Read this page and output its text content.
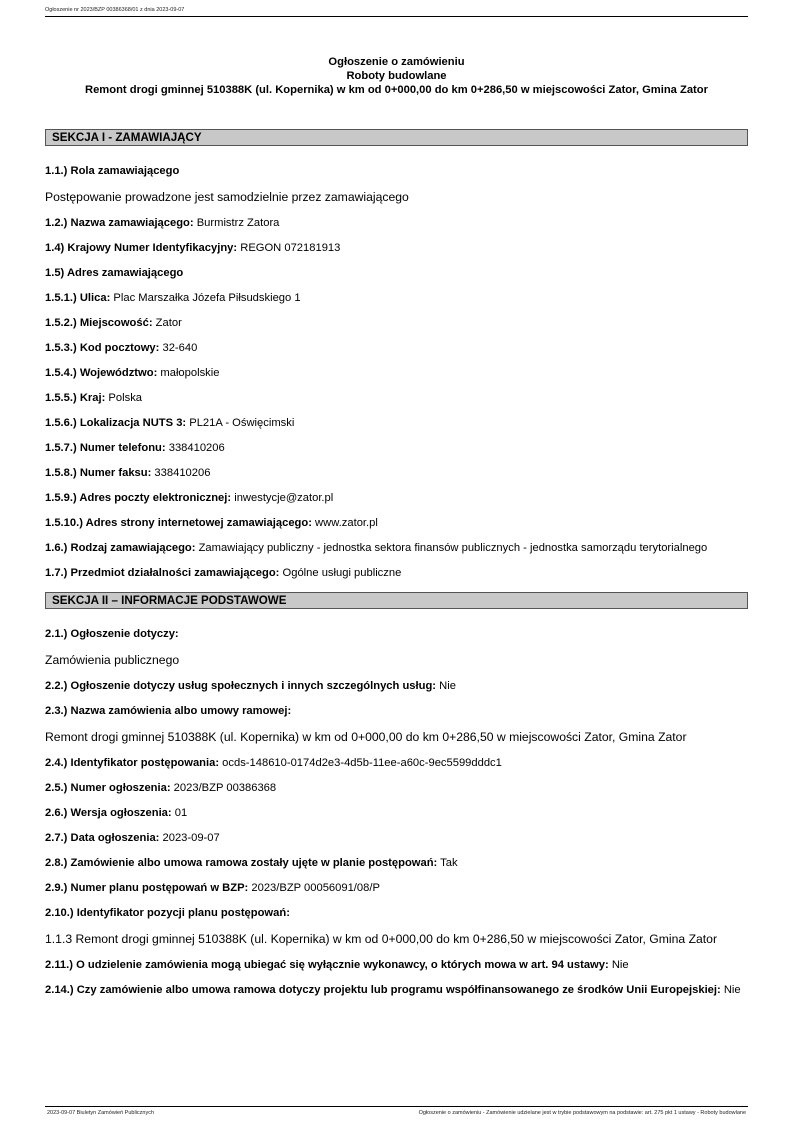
Ogłoszenie nr 2023/BZP 00386368/01 z dnia 2023-09-07
Ogłoszenie o zamówieniu
Roboty budowlane
Remont drogi gminnej 510388K (ul. Kopernika) w km od 0+000,00 do km 0+286,50 w miejscowości Zator, Gmina Zator
SEKCJA I - ZAMAWIAJĄCY
1.1.) Rola zamawiającego
Postępowanie prowadzone jest samodzielnie przez zamawiającego
1.2.) Nazwa zamawiającego: Burmistrz Zatora
1.4) Krajowy Numer Identyfikacyjny: REGON 072181913
1.5) Adres zamawiającego
1.5.1.) Ulica: Plac Marszałka Józefa Piłsudskiego 1
1.5.2.) Miejscowość: Zator
1.5.3.) Kod pocztowy: 32-640
1.5.4.) Województwo: małopolskie
1.5.5.) Kraj: Polska
1.5.6.) Lokalizacja NUTS 3: PL21A - Oświęcimski
1.5.7.) Numer telefonu: 338410206
1.5.8.) Numer faksu: 338410206
1.5.9.) Adres poczty elektronicznej: inwestycje@zator.pl
1.5.10.) Adres strony internetowej zamawiającego: www.zator.pl
1.6.) Rodzaj zamawiającego: Zamawiający publiczny - jednostka sektora finansów publicznych - jednostka samorządu terytorialnego
1.7.) Przedmiot działalności zamawiającego: Ogólne usługi publiczne
SEKCJA II – INFORMACJE PODSTAWOWE
2.1.) Ogłoszenie dotyczy:
Zamówienia publicznego
2.2.) Ogłoszenie dotyczy usług społecznych i innych szczególnych usług: Nie
2.3.) Nazwa zamówienia albo umowy ramowej:
Remont drogi gminnej 510388K (ul. Kopernika) w km od 0+000,00 do km 0+286,50 w miejscowości Zator, Gmina Zator
2.4.) Identyfikator postępowania: ocds-148610-0174d2e3-4d5b-11ee-a60c-9ec5599dddc1
2.5.) Numer ogłoszenia: 2023/BZP 00386368
2.6.) Wersja ogłoszenia: 01
2.7.) Data ogłoszenia: 2023-09-07
2.8.) Zamówienie albo umowa ramowa zostały ujęte w planie postępowań: Tak
2.9.) Numer planu postępowań w BZP: 2023/BZP 00056091/08/P
2.10.) Identyfikator pozycji planu postępowań:
1.1.3 Remont drogi gminnej 510388K (ul. Kopernika) w km od 0+000,00 do km 0+286,50 w miejscowości Zator, Gmina Zator
2.11.) O udzielenie zamówienia mogą ubiegać się wyłącznie wykonawcy, o których mowa w art. 94 ustawy: Nie
2.14.) Czy zamówienie albo umowa ramowa dotyczy projektu lub programu współfinansowanego ze środków Unii Europejskiej: Nie
2023-09-07 Biuletyn Zamówień Publicznych	Ogłoszenie o zamówieniu - Zamówienie udzielane jest w trybie podstawowym na podstawie: art. 275 pkt 1 ustawy - Roboty budowlane
